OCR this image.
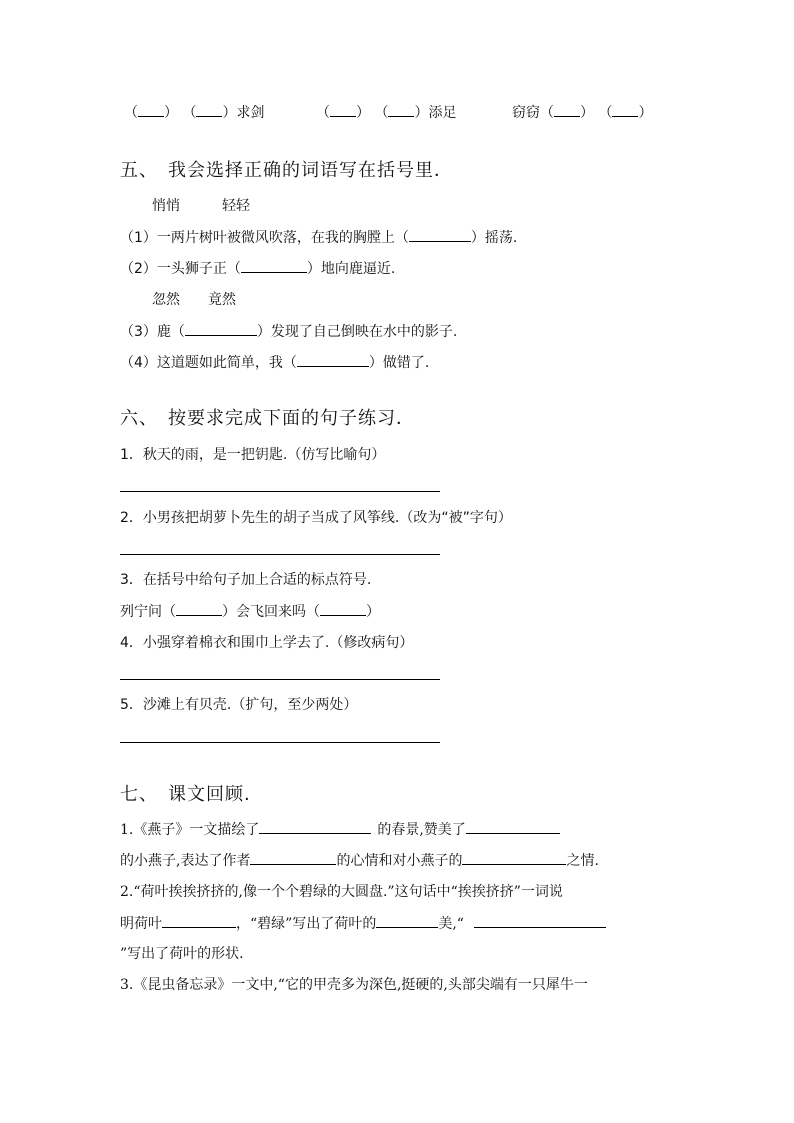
（ ） （ ）求剑	（ ） （ ）添足	窃窃（ ） （ ）
五、　我会选择正确的词语写在括号里．
悄悄　　　轻轻
（1）一两片树叶被微风吹落，在我的胸膛上（	）摇荡.
（2）一头狮子正（	）地向鹿逼近.
忽然　　竟然
（3）鹿（	）发现了自己倒映在水中的影子.
（4）这道题如此简单，我（	）做错了.
六、　按要求完成下面的句子练习．
1．秋天的雨，是一把钥匙.（仿写比喻句）
2．小男孩把胡萝卜先生的胡子当成了风筝线.（改为“被”字句）
3．在括号中给句子加上合适的标点符号.
列宁问（	）会飞回来吗（	）
4．小强穿着棉衣和围巾上学去了.（修改病句）
5．沙滩上有贝壳.（扩句，至少两处）
七、　课文回顾.
1.《燕子》一文描绘了	的春景,赞美了
的小燕子,表达了作者	的心情和对小燕子的	之情.
2.“荷叶挨挨挤挤的,像一个个碧绿的大圆盘.”这句话中“挨挨挤挤”一词说
明荷叶	，“碧绿”写出了荷叶的	美,“
”写出了荷叶的形状.
3.《昆虫备忘录》一文中,“它的甲壳多为深色,挺硬的,头部尖端有一只犀牛一
